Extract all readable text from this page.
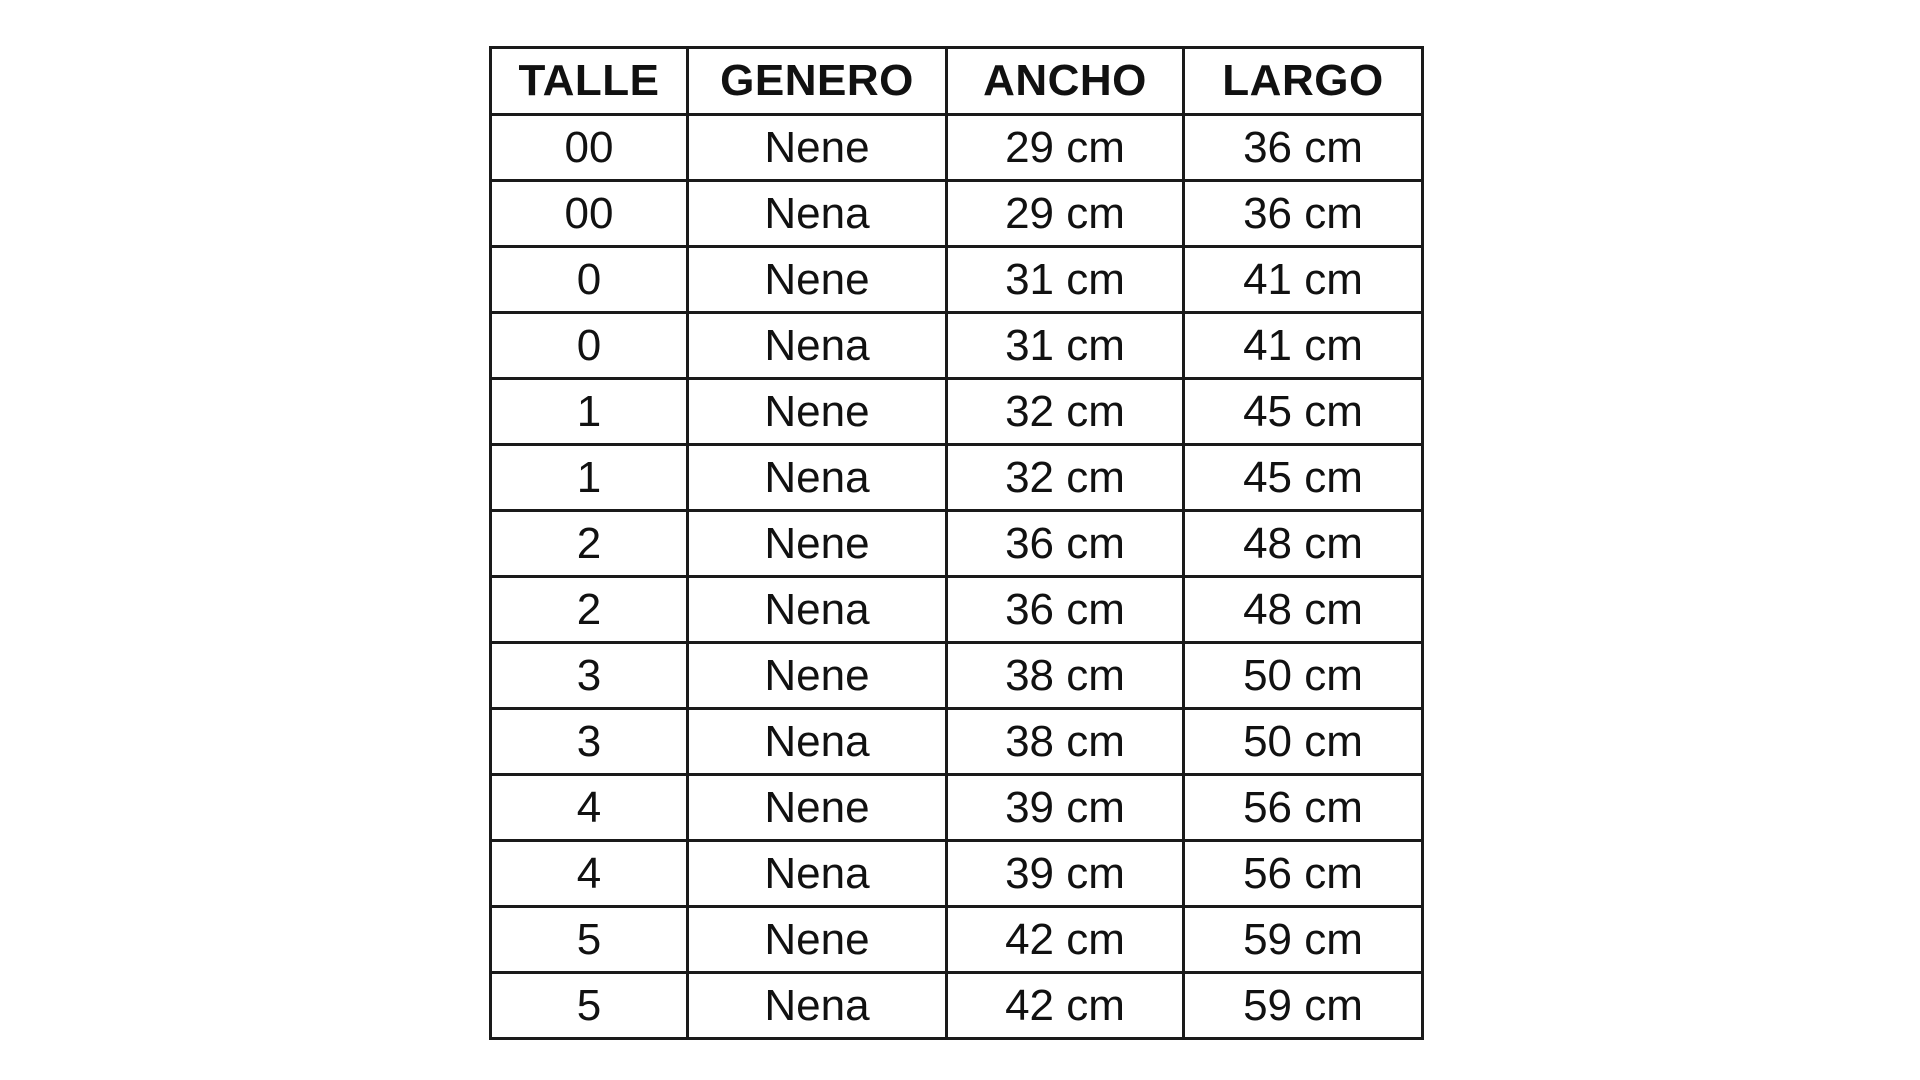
TALLE	GENERO	ANCHO	LARGO
00	Nene	29 cm	36 cm
00	Nena	29 cm	36 cm
0	Nene	31 cm	41 cm
0	Nena	31 cm	41 cm
1	Nene	32 cm	45 cm
1	Nena	32 cm	45 cm
2	Nene	36 cm	48 cm
2	Nena	36 cm	48 cm
3	Nene	38 cm	50 cm
3	Nena	38 cm	50 cm
4	Nene	39 cm	56 cm
4	Nena	39 cm	56 cm
5	Nene	42 cm	59 cm
5	Nena	42 cm	59 cm
